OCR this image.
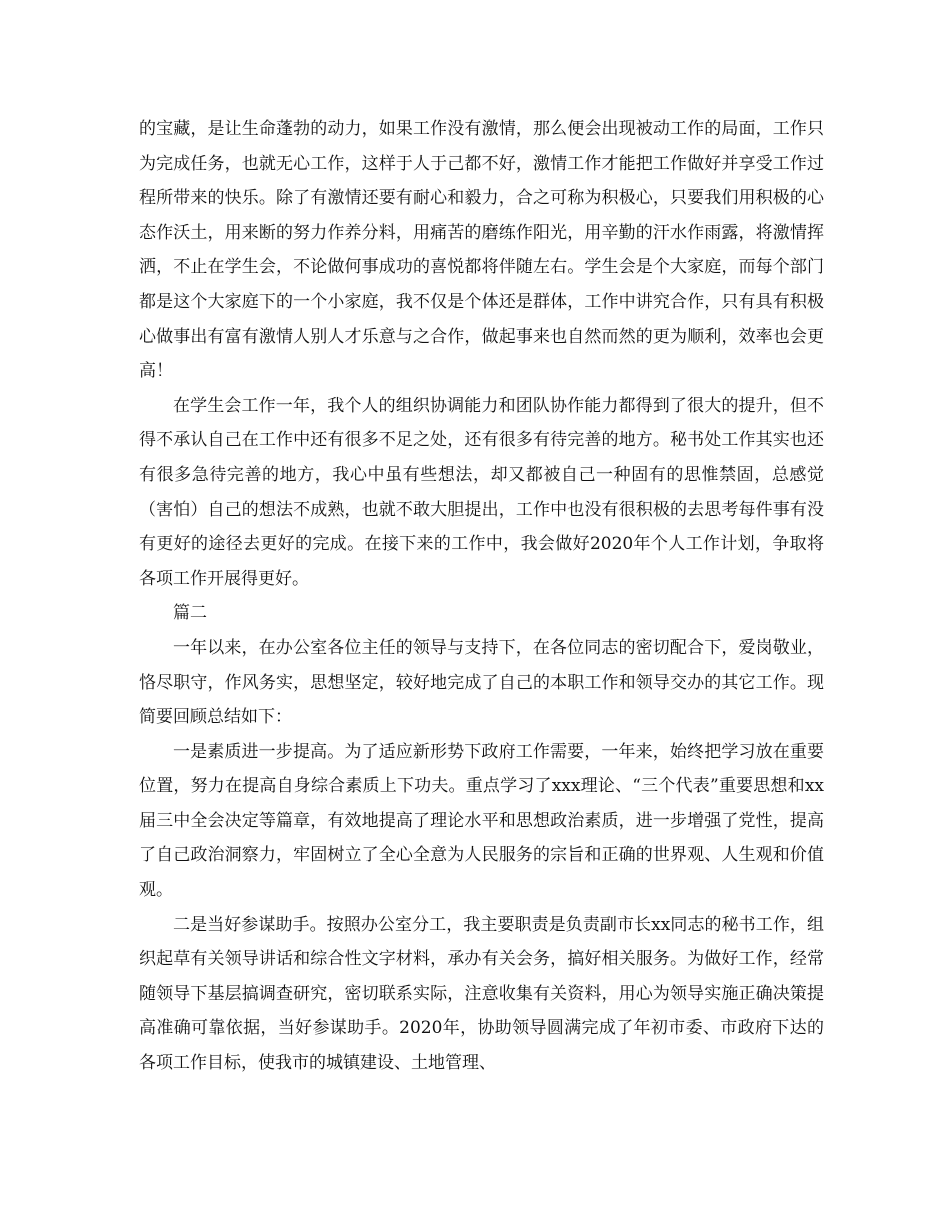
的宝藏，是让生命蓬勃的动力，如果工作没有激情，那么便会出现被动工作的局面，工作只为完成任务，也就无心工作，这样于人于己都不好，激情工作才能把工作做好并享受工作过程所带来的快乐。除了有激情还要有耐心和毅力，合之可称为积极心，只要我们用积极的心态作沃土，用来断的努力作养分料，用痛苦的磨练作阳光，用辛勤的汗水作雨露，将激情挥洒，不止在学生会，不论做何事成功的喜悦都将伴随左右。学生会是个大家庭，而每个部门都是这个大家庭下的一个小家庭，我不仅是个体还是群体，工作中讲究合作，只有具有积极心做事出有富有激情人别人才乐意与之合作，做起事来也自然而然的更为顺利，效率也会更高！

在学生会工作一年，我个人的组织协调能力和团队协作能力都得到了很大的提升，但不得不承认自己在工作中还有很多不足之处，还有很多有待完善的地方。秘书处工作其实也还有很多急待完善的地方，我心中虽有些想法，却又都被自己一种固有的思惟禁固，总感觉（害怕）自己的想法不成熟，也就不敢大胆提出，工作中也没有很积极的去思考每件事有没有更好的途径去更好的完成。在接下来的工作中，我会做好2020年个人工作计划，争取将各项工作开展得更好。

篇二

一年以来，在办公室各位主任的领导与支持下，在各位同志的密切配合下，爱岗敬业，恪尽职守，作风务实，思想坚定，较好地完成了自己的本职工作和领导交办的其它工作。现简要回顾总结如下：

一是素质进一步提高。为了适应新形势下政府工作需要，一年来，始终把学习放在重要位置，努力在提高自身综合素质上下功夫。重点学习了xxx理论、“三个代表”重要思想和xx届三中全会决定等篇章，有效地提高了理论水平和思想政治素质，进一步增强了党性，提高了自己政治洞察力，牢固树立了全心全意为人民服务的宗旨和正确的世界观、人生观和价值观。

二是当好参谋助手。按照办公室分工，我主要职责是负责副市长xx同志的秘书工作，组织起草有关领导讲话和综合性文字材料，承办有关会务，搞好相关服务。为做好工作，经常随领导下基层搞调查研究，密切联系实际，注意收集有关资料，用心为领导实施正确决策提高准确可靠依据，当好参谋助手。2020年，协助领导圆满完成了年初市委、市政府下达的各项工作目标，使我市的城镇建设、土地管理、
